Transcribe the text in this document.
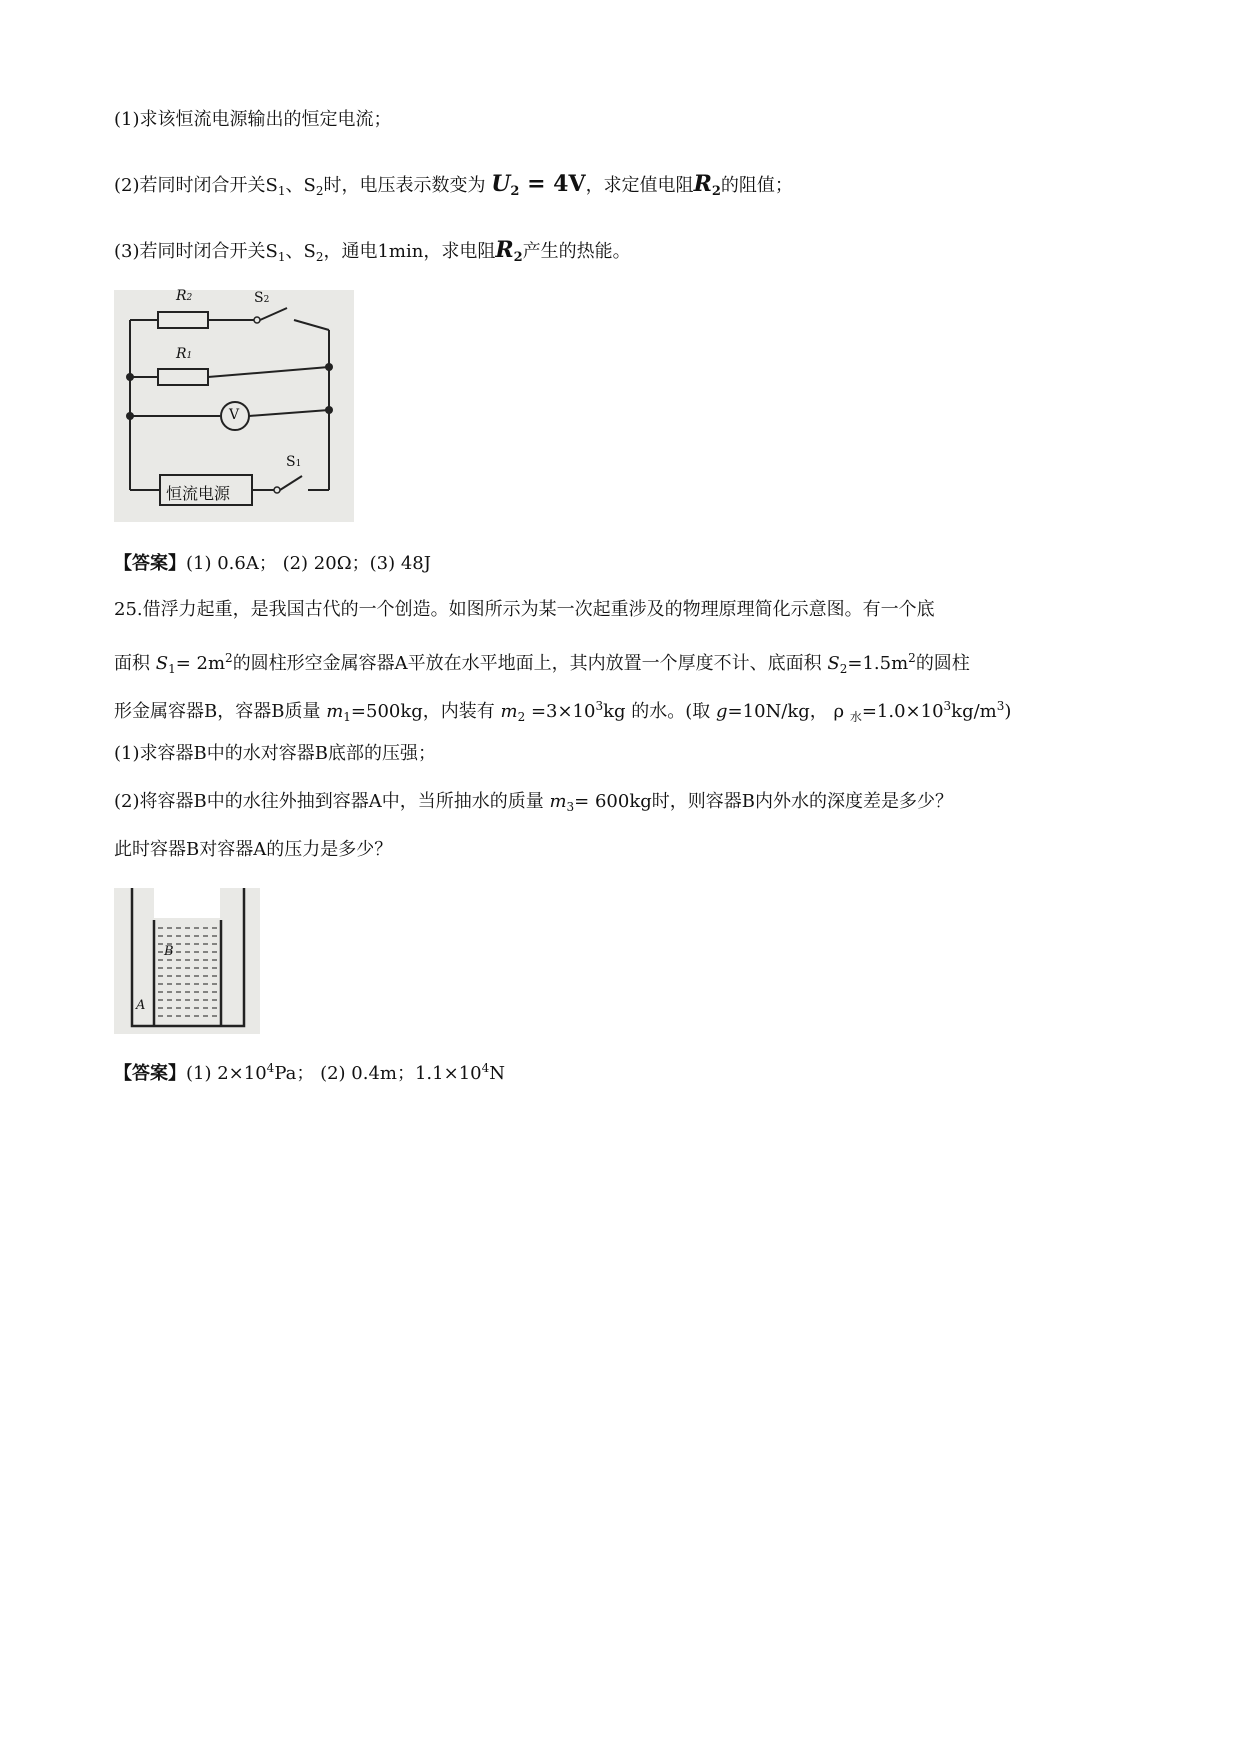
(1)求该恒流电源输出的恒定电流；
(2)若同时闭合开关$S_1$、$S_2$时，电压表示数变为 U2 = 4V，求定值电阻R2的阻值；
(3)若同时闭合开关$S_1$、$S_2$，通电1min，求电阻R2产生的热能。
R2
R1
S2
S1
V
恒流电源
【答案】(1) 0.6A； (2) 20Ω；(3) 48J
25.借浮力起重，是我国古代的一个创造。如图所示为某一次起重涉及的物理原理简化示意图。有一个底
面积 $S_1= 2m^2$的圆柱形空金属容器A平放在水平地面上，其内放置一个厚度不计、底面积 $S_2=1.5m^2$的圆柱
形金属容器B，容器B质量 $m_1=500kg$，内装有 $m_2 =3\times 10^3kg$ 的水。(取 g=10N/kg， ρ $_水=1.0\times 10^3kg/m^3$)
(1)求容器B中的水对容器B底部的压强；
(2)将容器B中的水往外抽到容器A中，当所抽水的质量 $m_3= 600kg$时，则容器B内外水的深度差是多少？
此时容器B对容器A的压力是多少？
B
A
【答案】(1) $2\times 10^4Pa$； (2) 0.4m；$1.1\times 10^4N$
